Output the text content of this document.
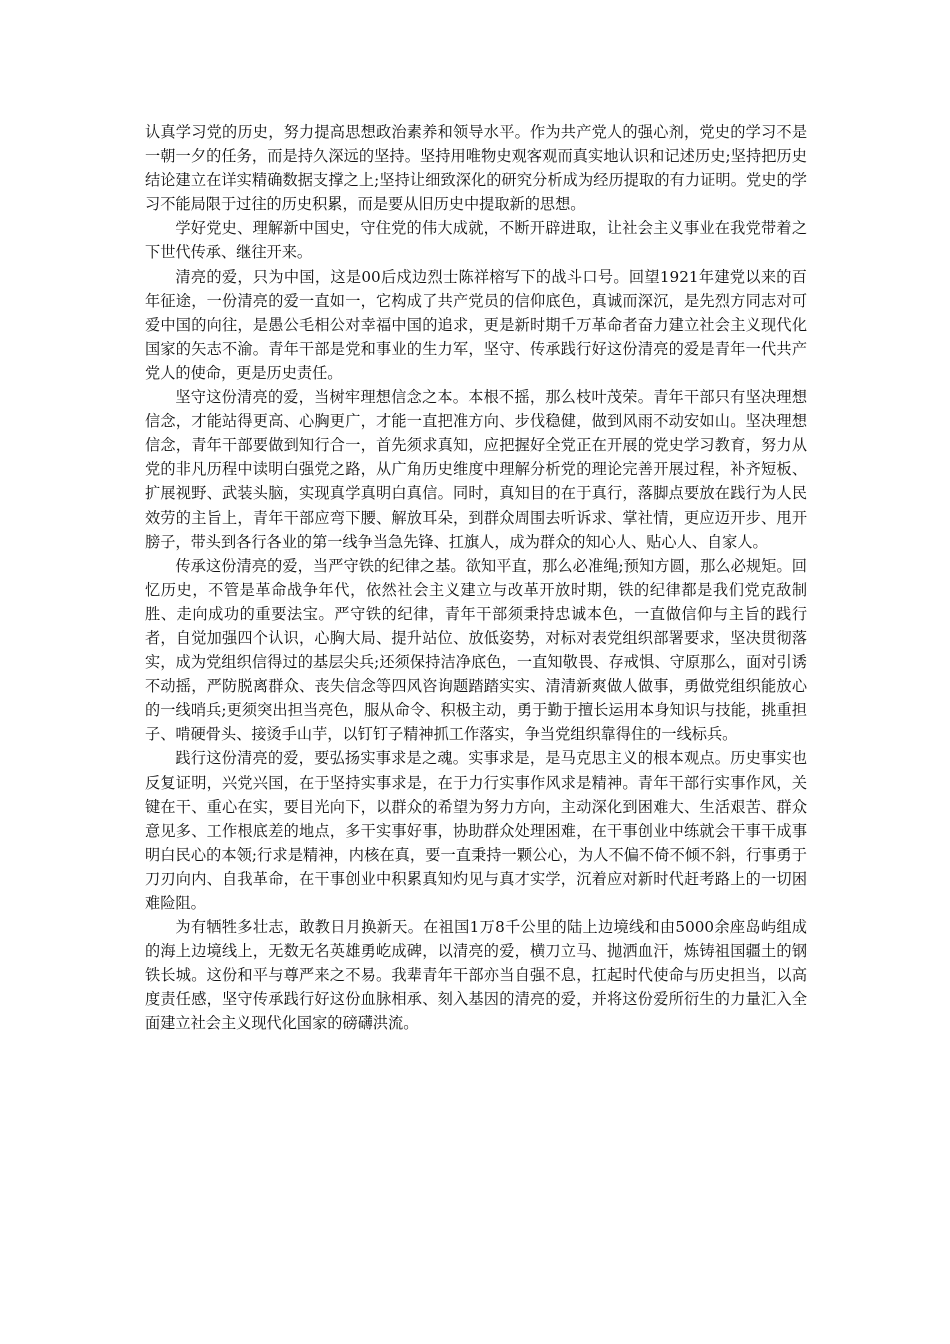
认真学习党的历史，努力提高思想政治素养和领导水平。作为共产党人的强心剂，党史的学习不是一朝一夕的任务，而是持久深远的坚持。坚持用唯物史观客观而真实地认识和记述历史;坚持把历史结论建立在详实精确数据支撑之上;坚持让细致深化的研究分析成为经历提取的有力证明。党史的学习不能局限于过往的历史积累，而是要从旧历史中提取新的思想。

学好党史、理解新中国史，守住党的伟大成就，不断开辟进取，让社会主义事业在我党带着之下世代传承、继往开来。

清亮的爱，只为中国，这是00后戍边烈士陈祥榕写下的战斗口号。回望1921年建党以来的百年征途，一份清亮的爱一直如一，它构成了共产党员的信仰底色，真诚而深沉，是先烈方同志对可爱中国的向往，是愚公毛相公对幸福中国的追求，更是新时期千万革命者奋力建立社会主义现代化国家的矢志不渝。青年干部是党和事业的生力军，坚守、传承践行好这份清亮的爱是青年一代共产党人的使命，更是历史责任。

坚守这份清亮的爱，当树牢理想信念之本。本根不摇，那么枝叶茂荣。青年干部只有坚决理想信念，才能站得更高、心胸更广，才能一直把准方向、步伐稳健，做到风雨不动安如山。坚决理想信念，青年干部要做到知行合一，首先须求真知，应把握好全党正在开展的党史学习教育，努力从党的非凡历程中读明白强党之路，从广角历史维度中理解分析党的理论完善开展过程，补齐短板、扩展视野、武装头脑，实现真学真明白真信。同时，真知目的在于真行，落脚点要放在践行为人民效劳的主旨上，青年干部应弯下腰、解放耳朵，到群众周围去听诉求、掌社情，更应迈开步、甩开膀子，带头到各行各业的第一线争当急先锋、扛旗人，成为群众的知心人、贴心人、自家人。

传承这份清亮的爱，当严守铁的纪律之基。欲知平直，那么必准绳;预知方圆，那么必规矩。回忆历史，不管是革命战争年代，依然社会主义建立与改革开放时期，铁的纪律都是我们党克敌制胜、走向成功的重要法宝。严守铁的纪律，青年干部须秉持忠诚本色，一直做信仰与主旨的践行者，自觉加强四个认识，心胸大局、提升站位、放低姿势，对标对表党组织部署要求，坚决贯彻落实，成为党组织信得过的基层尖兵;还须保持洁净底色，一直知敬畏、存戒惧、守原那么，面对引诱不动摇，严防脱离群众、丧失信念等四风咨询题踏踏实实、清清新爽做人做事，勇做党组织能放心的一线哨兵;更须突出担当亮色，服从命令、积极主动，勇于勤于擅长运用本身知识与技能，挑重担子、啃硬骨头、接烫手山芋，以钉钉子精神抓工作落实，争当党组织靠得住的一线标兵。

践行这份清亮的爱，要弘扬实事求是之魂。实事求是，是马克思主义的根本观点。历史事实也反复证明，兴党兴国，在于坚持实事求是，在于力行实事作风求是精神。青年干部行实事作风，关键在干、重心在实，要目光向下，以群众的希望为努力方向，主动深化到困难大、生活艰苦、群众意见多、工作根底差的地点，多干实事好事，协助群众处理困难，在干事创业中练就会干事干成事明白民心的本领;行求是精神，内核在真，要一直秉持一颗公心，为人不偏不倚不倾不斜，行事勇于刀刃向内、自我革命，在干事创业中积累真知灼见与真才实学，沉着应对新时代赶考路上的一切困难险阻。

为有牺牲多壮志，敢教日月换新天。在祖国1万8千公里的陆上边境线和由5000余座岛屿组成的海上边境线上，无数无名英雄勇屹成碑，以清亮的爱，横刀立马、抛洒血汗，炼铸祖国疆土的钢铁长城。这份和平与尊严来之不易。我辈青年干部亦当自强不息，扛起时代使命与历史担当，以高度责任感，坚守传承践行好这份血脉相承、刻入基因的清亮的爱，并将这份爱所衍生的力量汇入全面建立社会主义现代化国家的磅礴洪流。
